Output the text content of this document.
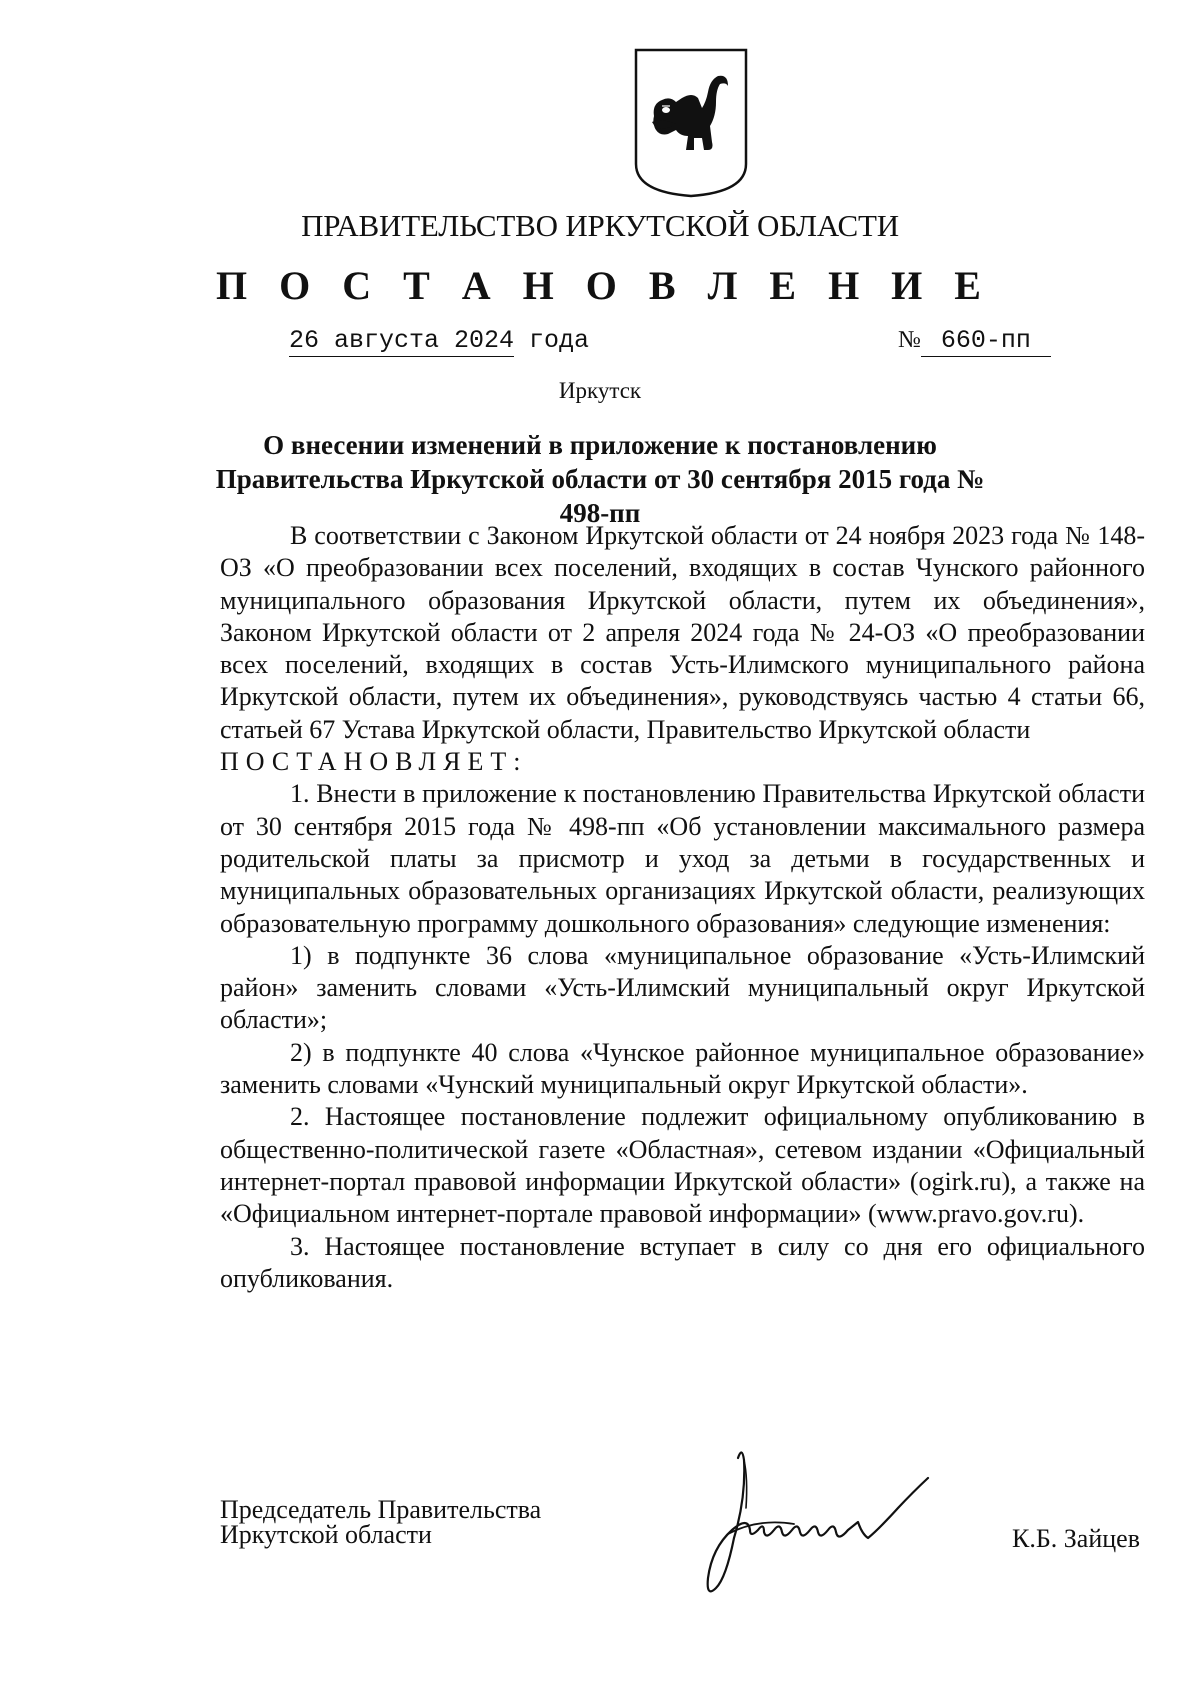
ПРАВИТЕЛЬСТВО ИРКУТСКОЙ ОБЛАСТИ
П О С Т А Н О В Л Е Н И Е
26 августа 2024 года	№ 660-пп
Иркутск
О внесении изменений в приложение к постановлению Правительства Иркутской области от 30 сентября 2015 года № 498-пп

В соответствии с Законом Иркутской области от 24 ноября 2023 года № 148-ОЗ «О преобразовании всех поселений, входящих в состав Чунского районного муниципального образования Иркутской области, путем их объединения», Законом Иркутской области от 2 апреля 2024 года № 24-ОЗ «О преобразовании всех поселений, входящих в состав Усть-Илимского муниципального района Иркутской области, путем их объединения», руководствуясь частью 4 статьи 66, статьей 67 Устава Иркутской области, Правительство Иркутской области

ПОСТАНОВЛЯЕТ:

1. Внести в приложение к постановлению Правительства Иркутской области от 30 сентября 2015 года № 498-пп «Об установлении максимального размера родительской платы за присмотр и уход за детьми в государственных и муниципальных образовательных организациях Иркутской области, реализующих образовательную программу дошкольного образования» следующие изменения:

1) в подпункте 36 слова «муниципальное образование «Усть-Илимский район» заменить словами «Усть-Илимский муниципальный округ Иркутской области»;

2) в подпункте 40 слова «Чунское районное муниципальное образование» заменить словами «Чунский муниципальный округ Иркутской области».

2. Настоящее постановление подлежит официальному опубликованию в общественно-политической газете «Областная», сетевом издании «Официальный интернет-портал правовой информации Иркутской области» (ogirk.ru), а также на «Официальном интернет-портале правовой информации» (www.pravo.gov.ru).

3. Настоящее постановление вступает в силу со дня его официального опубликования.

Председатель Правительства
Иркутской области	К.Б. Зайцев
